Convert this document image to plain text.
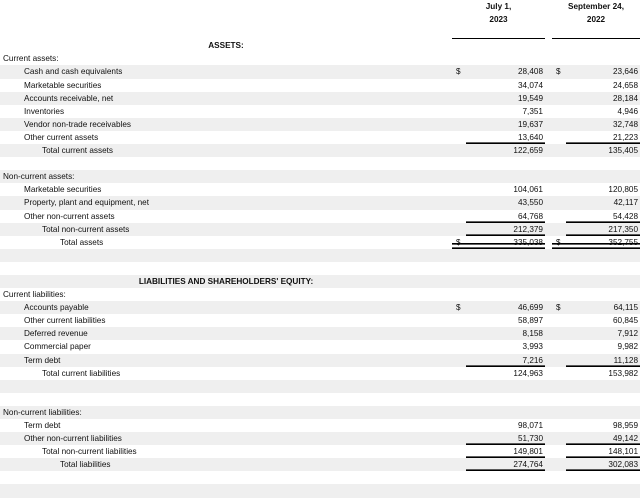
	July 1,
2023			September 24,
2022	

ASSETS:					
Current assets:					
Cash and cash equivalents	$	28,408		$	23,646
Marketable securities		34,074			24,658
Accounts receivable, net		19,549			28,184
Inventories		7,351			4,946
Vendor non-trade receivables		19,637			32,748
Other current assets		13,640			21,223
Total current assets		122,659			135,405

Non-current assets:					
Marketable securities		104,061			120,805
Property, plant and equipment, net		43,550			42,117
Other non-current assets		64,768			54,428
Total non-current assets		212,379			217,350
Total assets	$	335,038		$	352,755

LIABILITIES AND SHAREHOLDERS' EQUITY:					
Current liabilities:					
Accounts payable	$	46,699		$	64,115
Other current liabilities		58,897			60,845
Deferred revenue		8,158			7,912
Commercial paper		3,993			9,982
Term debt		7,216			11,128
Total current liabilities		124,963			153,982

Non-current liabilities:					
Term debt		98,071			98,959
Other non-current liabilities		51,730			49,142
Total non-current liabilities		149,801			148,101
Total liabilities		274,764			302,083
